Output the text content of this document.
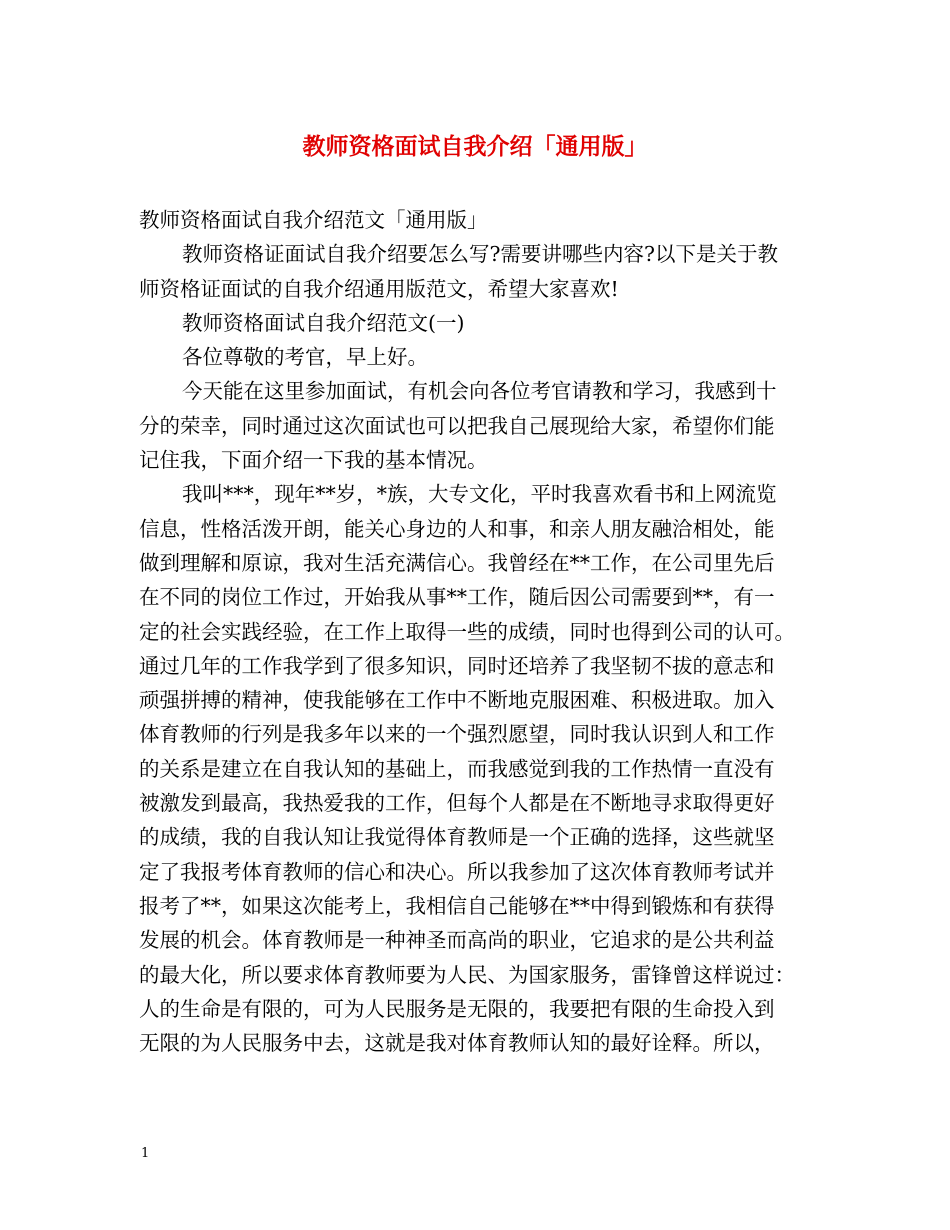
教师资格面试自我介绍「通用版」
教师资格面试自我介绍范文「通用版」
教师资格证面试自我介绍要怎么写?需要讲哪些内容?以下是关于教
师资格证面试的自我介绍通用版范文，希望大家喜欢!
教师资格面试自我介绍范文(一)
各位尊敬的考官，早上好。
今天能在这里参加面试，有机会向各位考官请教和学习，我感到十
分的荣幸，同时通过这次面试也可以把我自己展现给大家，希望你们能
记住我，下面介绍一下我的基本情况。
我叫***，现年**岁，*族，大专文化，平时我喜欢看书和上网流览
信息，性格活泼开朗，能关心身边的人和事，和亲人朋友融洽相处，能
做到理解和原谅，我对生活充满信心。我曾经在**工作，在公司里先后
在不同的岗位工作过，开始我从事**工作，随后因公司需要到**，有一
定的社会实践经验，在工作上取得一些的成绩，同时也得到公司的认可。
通过几年的工作我学到了很多知识，同时还培养了我坚韧不拔的意志和
顽强拼搏的精神，使我能够在工作中不断地克服困难、积极进取。加入
体育教师的行列是我多年以来的一个强烈愿望，同时我认识到人和工作
的关系是建立在自我认知的基础上，而我感觉到我的工作热情一直没有
被激发到最高，我热爱我的工作，但每个人都是在不断地寻求取得更好
的成绩，我的自我认知让我觉得体育教师是一个正确的选择，这些就坚
定了我报考体育教师的信心和决心。所以我参加了这次体育教师考试并
报考了**，如果这次能考上，我相信自己能够在**中得到锻炼和有获得
发展的机会。体育教师是一种神圣而高尚的职业，它追求的是公共利益
的最大化，所以要求体育教师要为人民、为国家服务，雷锋曾这样说过：
人的生命是有限的，可为人民服务是无限的，我要把有限的生命投入到
无限的为人民服务中去，这就是我对体育教师认知的最好诠释。所以，
1
